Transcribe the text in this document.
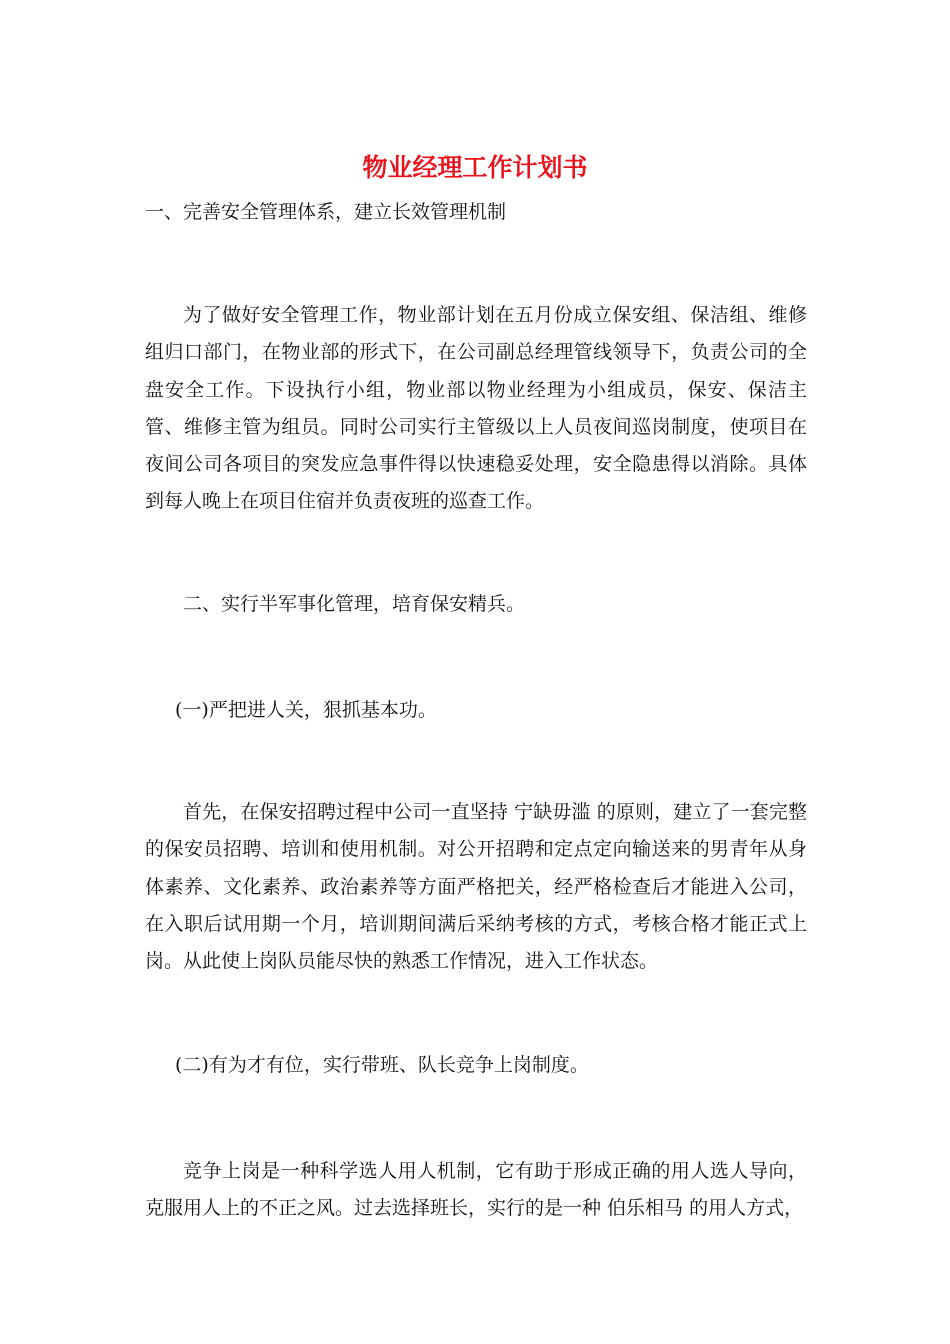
物业经理工作计划书

一、完善安全管理体系，建立长效管理机制

为了做好安全管理工作，物业部计划在五月份成立保安组、保洁组、维修组归口部门，在物业部的形式下，在公司副总经理管线领导下，负责公司的全盘安全工作。下设执行小组，物业部以物业经理为小组成员，保安、保洁主管、维修主管为组员。同时公司实行主管级以上人员夜间巡岗制度，使项目在夜间公司各项目的突发应急事件得以快速稳妥处理，安全隐患得以消除。具体到每人晚上在项目住宿并负责夜班的巡查工作。

二、实行半军事化管理，培育保安精兵。

(一)严把进人关，狠抓基本功。

首先，在保安招聘过程中公司一直坚持 宁缺毋滥 的原则，建立了一套完整的保安员招聘、培训和使用机制。对公开招聘和定点定向输送来的男青年从身体素养、文化素养、政治素养等方面严格把关，经严格检查后才能进入公司，在入职后试用期一个月，培训期间满后采纳考核的方式，考核合格才能正式上岗。从此使上岗队员能尽快的熟悉工作情况，进入工作状态。

(二)有为才有位，实行带班、队长竞争上岗制度。

竞争上岗是一种科学选人用人机制，它有助于形成正确的用人选人导向，克服用人上的不正之风。过去选择班长，实行的是一种 伯乐相马 的用人方式，
